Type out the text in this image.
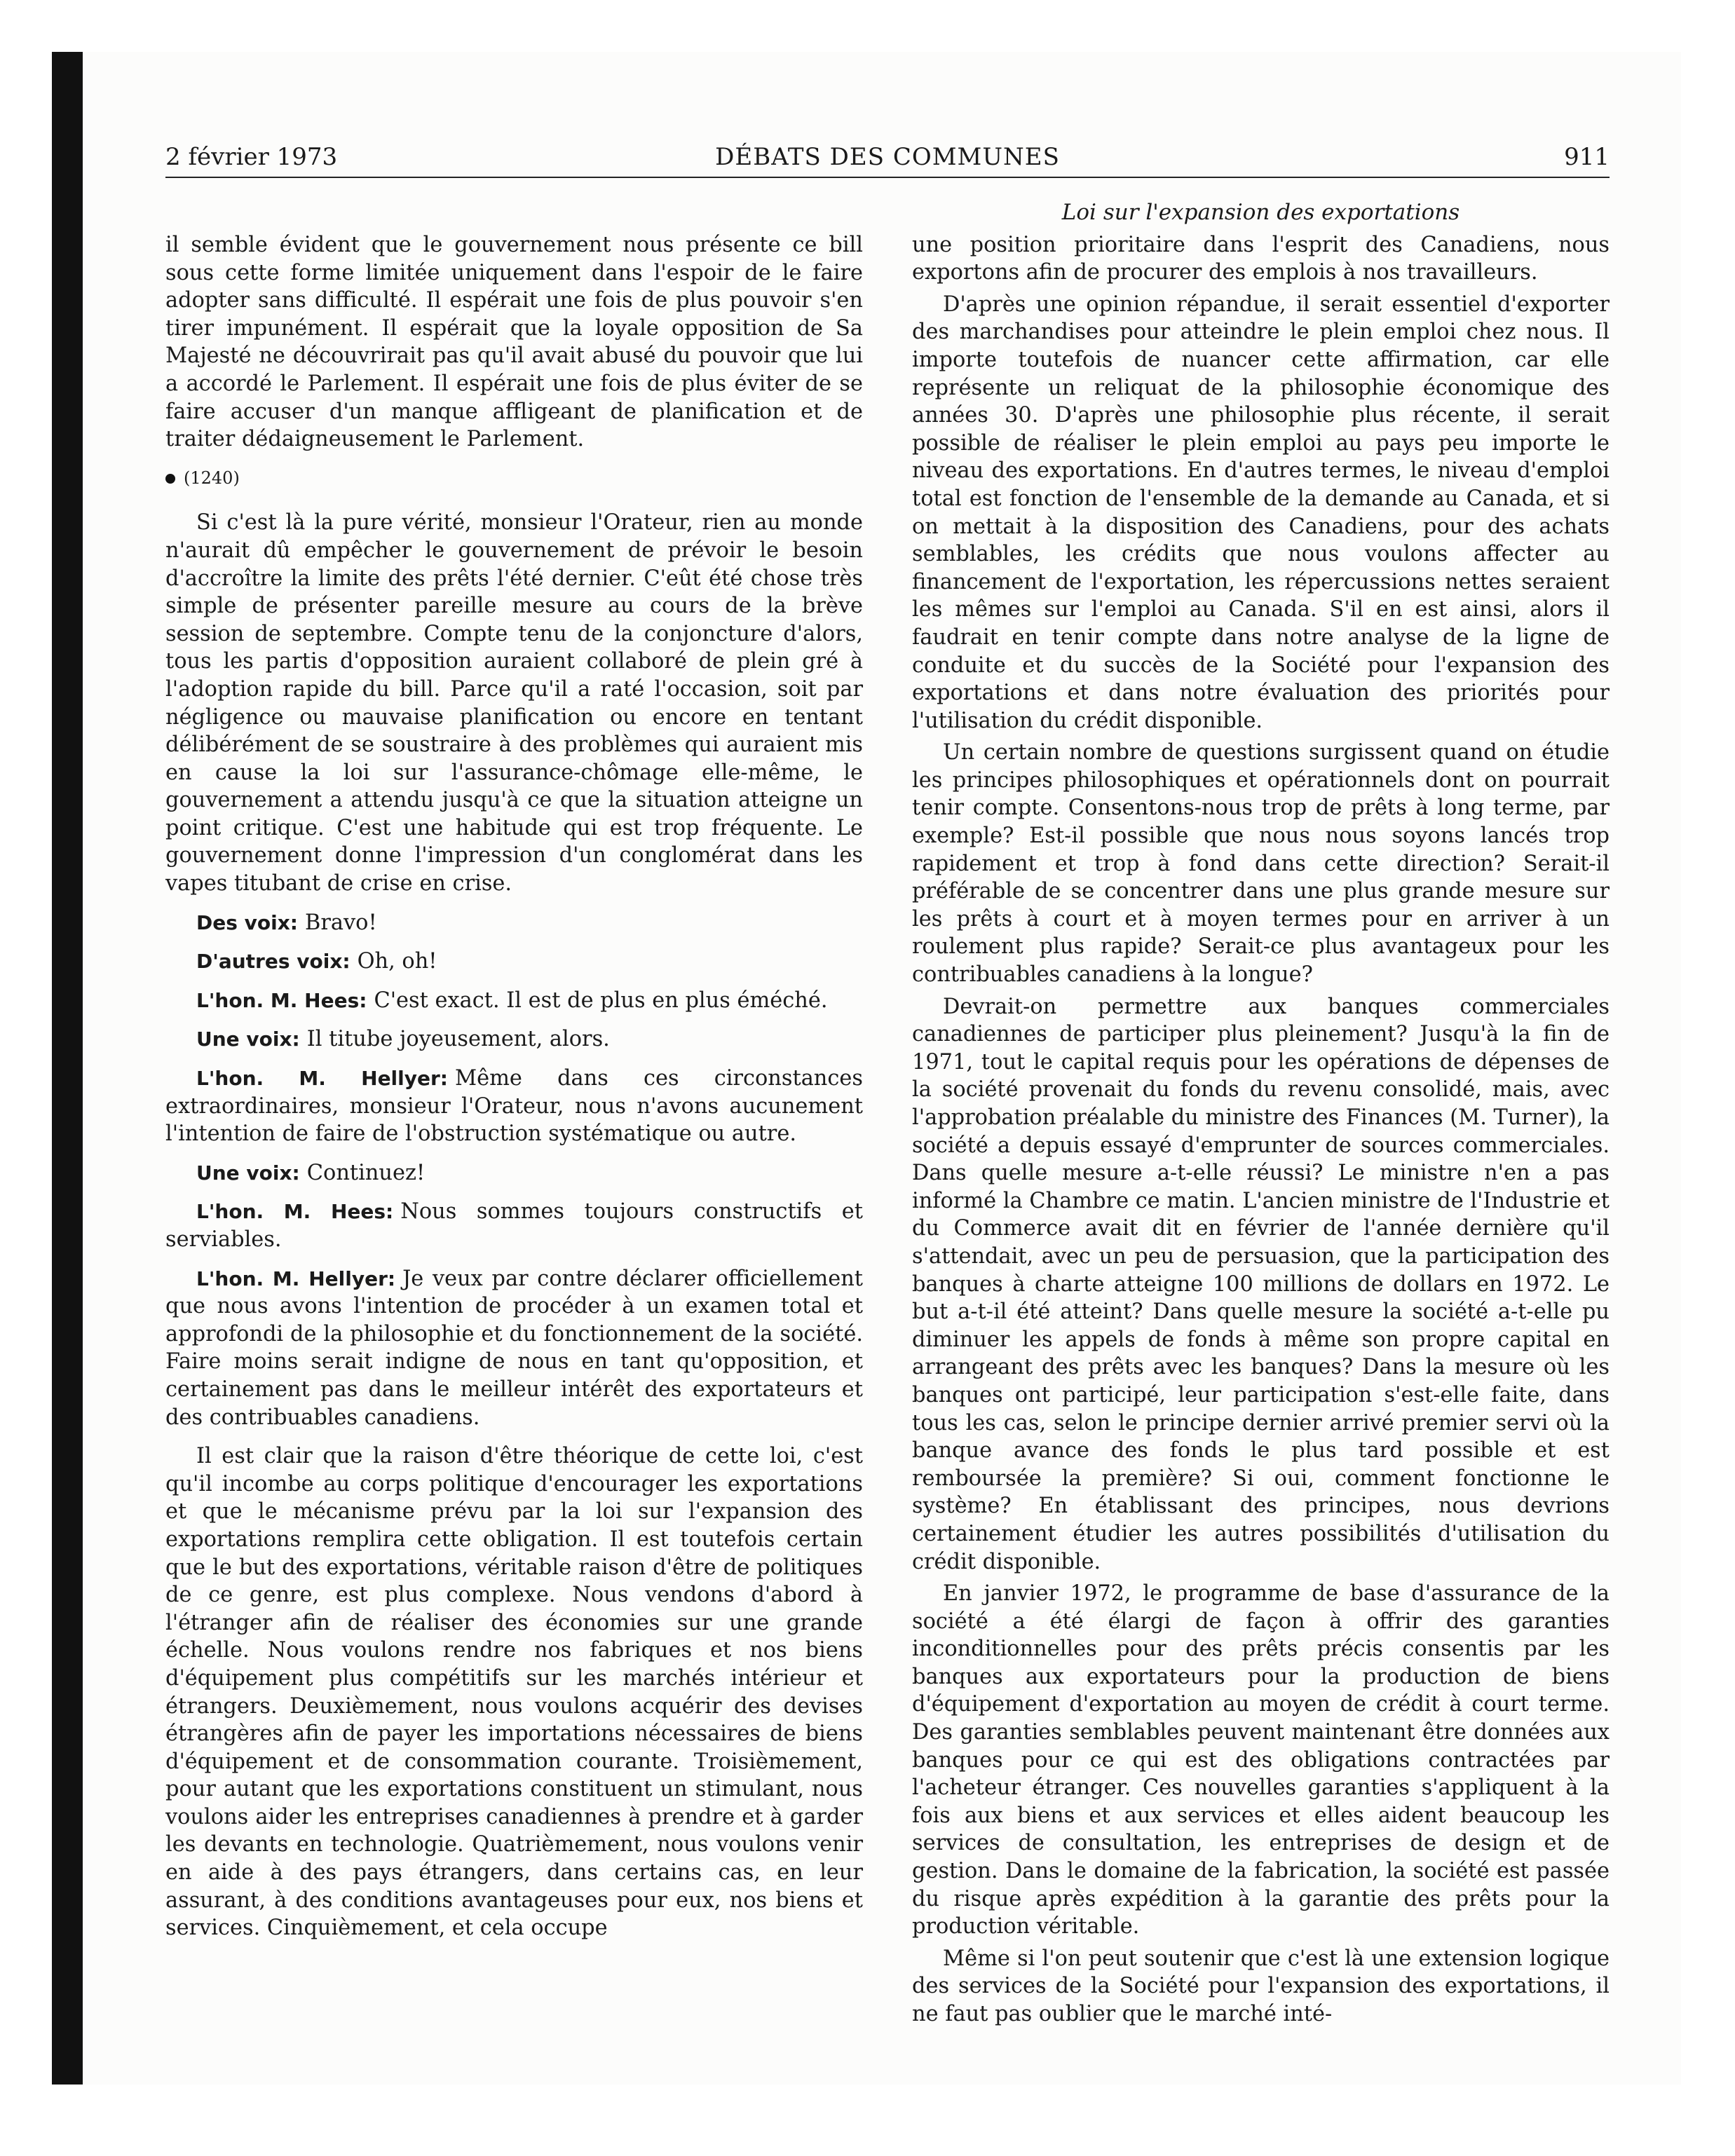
2 février 1973	DÉBATS DES COMMUNES	911

il semble évident que le gouvernement nous présente ce bill sous cette forme limitée uniquement dans l'espoir de le faire adopter sans difficulté. Il espérait une fois de plus pouvoir s'en tirer impunément. Il espérait que la loyale opposition de Sa Majesté ne découvrirait pas qu'il avait abusé du pouvoir que lui a accordé le Parlement. Il espérait une fois de plus éviter de se faire accuser d'un manque affligeant de planification et de traiter dédaigneusement le Parlement.

(1240)

Si c'est là la pure vérité, monsieur l'Orateur, rien au monde n'aurait dû empêcher le gouvernement de prévoir le besoin d'accroître la limite des prêts l'été dernier. C'eût été chose très simple de présenter pareille mesure au cours de la brève session de septembre. Compte tenu de la conjoncture d'alors, tous les partis d'opposition auraient collaboré de plein gré à l'adoption rapide du bill. Parce qu'il a raté l'occasion, soit par négligence ou mauvaise planification ou encore en tentant délibérément de se soustraire à des problèmes qui auraient mis en cause la loi sur l'assurance-chômage elle-même, le gouvernement a attendu jusqu'à ce que la situation atteigne un point critique. C'est une habitude qui est trop fréquente. Le gouvernement donne l'impression d'un conglomérat dans les vapes titubant de crise en crise.

Des voix: Bravo!

D'autres voix: Oh, oh!

L'hon. M. Hees: C'est exact. Il est de plus en plus éméché.

Une voix: Il titube joyeusement, alors.

L'hon. M. Hellyer: Même dans ces circonstances extraordinaires, monsieur l'Orateur, nous n'avons aucunement l'intention de faire de l'obstruction systématique ou autre.

Une voix: Continuez!

L'hon. M. Hees: Nous sommes toujours constructifs et serviables.

L'hon. M. Hellyer: Je veux par contre déclarer officiellement que nous avons l'intention de procéder à un examen total et approfondi de la philosophie et du fonctionnement de la société. Faire moins serait indigne de nous en tant qu'opposition, et certainement pas dans le meilleur intérêt des exportateurs et des contribuables canadiens.

Il est clair que la raison d'être théorique de cette loi, c'est qu'il incombe au corps politique d'encourager les exportations et que le mécanisme prévu par la loi sur l'expansion des exportations remplira cette obligation. Il est toutefois certain que le but des exportations, véritable raison d'être de politiques de ce genre, est plus complexe. Nous vendons d'abord à l'étranger afin de réaliser des économies sur une grande échelle. Nous voulons rendre nos fabriques et nos biens d'équipement plus compétitifs sur les marchés intérieur et étrangers. Deuxièmement, nous voulons acquérir des devises étrangères afin de payer les importations nécessaires de biens d'équipement et de consommation courante. Troisièmement, pour autant que les exportations constituent un stimulant, nous voulons aider les entreprises canadiennes à prendre et à garder les devants en technologie. Quatrièmement, nous voulons venir en aide à des pays étrangers, dans certains cas, en leur assurant, à des conditions avantageuses pour eux, nos biens et services. Cinquièmement, et cela occupe

Loi sur l'expansion des exportations

une position prioritaire dans l'esprit des Canadiens, nous exportons afin de procurer des emplois à nos travailleurs.

D'après une opinion répandue, il serait essentiel d'exporter des marchandises pour atteindre le plein emploi chez nous. Il importe toutefois de nuancer cette affirmation, car elle représente un reliquat de la philosophie économique des années 30. D'après une philosophie plus récente, il serait possible de réaliser le plein emploi au pays peu importe le niveau des exportations. En d'autres termes, le niveau d'emploi total est fonction de l'ensemble de la demande au Canada, et si on mettait à la disposition des Canadiens, pour des achats semblables, les crédits que nous voulons affecter au financement de l'exportation, les répercussions nettes seraient les mêmes sur l'emploi au Canada. S'il en est ainsi, alors il faudrait en tenir compte dans notre analyse de la ligne de conduite et du succès de la Société pour l'expansion des exportations et dans notre évaluation des priorités pour l'utilisation du crédit disponible.

Un certain nombre de questions surgissent quand on étudie les principes philosophiques et opérationnels dont on pourrait tenir compte. Consentons-nous trop de prêts à long terme, par exemple? Est-il possible que nous nous soyons lancés trop rapidement et trop à fond dans cette direction? Serait-il préférable de se concentrer dans une plus grande mesure sur les prêts à court et à moyen termes pour en arriver à un roulement plus rapide? Serait-ce plus avantageux pour les contribuables canadiens à la longue?

Devrait-on permettre aux banques commerciales canadiennes de participer plus pleinement? Jusqu'à la fin de 1971, tout le capital requis pour les opérations de dépenses de la société provenait du fonds du revenu consolidé, mais, avec l'approbation préalable du ministre des Finances (M. Turner), la société a depuis essayé d'emprunter de sources commerciales. Dans quelle mesure a-t-elle réussi? Le ministre n'en a pas informé la Chambre ce matin. L'ancien ministre de l'Industrie et du Commerce avait dit en février de l'année dernière qu'il s'attendait, avec un peu de persuasion, que la participation des banques à charte atteigne 100 millions de dollars en 1972. Le but a-t-il été atteint? Dans quelle mesure la société a-t-elle pu diminuer les appels de fonds à même son propre capital en arrangeant des prêts avec les banques? Dans la mesure où les banques ont participé, leur participation s'est-elle faite, dans tous les cas, selon le principe dernier arrivé premier servi où la banque avance des fonds le plus tard possible et est remboursée la première? Si oui, comment fonctionne le système? En établissant des principes, nous devrions certainement étudier les autres possibilités d'utilisation du crédit disponible.

En janvier 1972, le programme de base d'assurance de la société a été élargi de façon à offrir des garanties inconditionnelles pour des prêts précis consentis par les banques aux exportateurs pour la production de biens d'équipement d'exportation au moyen de crédit à court terme. Des garanties semblables peuvent maintenant être données aux banques pour ce qui est des obligations contractées par l'acheteur étranger. Ces nouvelles garanties s'appliquent à la fois aux biens et aux services et elles aident beaucoup les services de consultation, les entreprises de design et de gestion. Dans le domaine de la fabrication, la société est passée du risque après expédition à la garantie des prêts pour la production véritable.

Même si l'on peut soutenir que c'est là une extension logique des services de la Société pour l'expansion des exportations, il ne faut pas oublier que le marché inté-
